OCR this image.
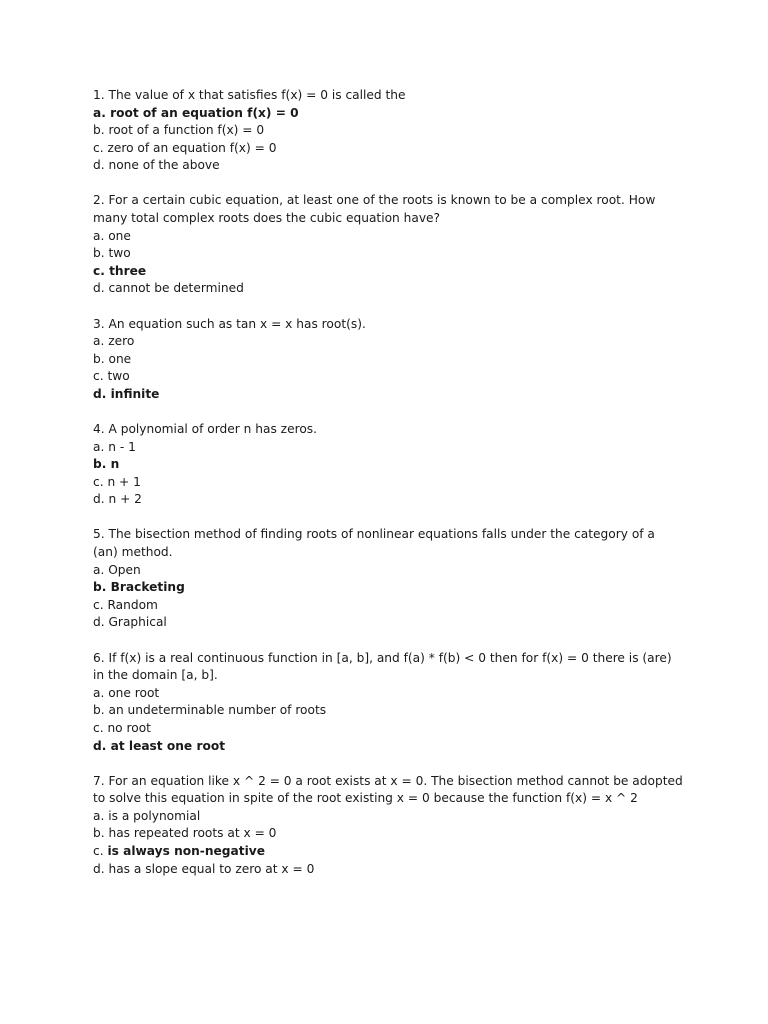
1. The value of x that satisfies f(x) = 0 is called the
a. root of an equation f(x) = 0
b. root of a function f(x) = 0
c. zero of an equation f(x) = 0
d. none of the above
2. For a certain cubic equation, at least one of the roots is known to be a complex root. How many total complex roots does the cubic equation have?
a. one
b. two
c. three
d. cannot be determined
3. An equation such as tan x = x has root(s).
a. zero
b. one
c. two
d. infinite
4. A polynomial of order n has zeros.
a. n - 1
b. n
c. n + 1
d. n + 2
5. The bisection method of finding roots of nonlinear equations falls under the category of a (an) method.
a. Open
b. Bracketing
c. Random
d. Graphical
6. If f(x) is a real continuous function in [a, b], and f(a) * f(b) < 0 then for f(x) = 0 there is (are) in the domain [a, b].
a. one root
b. an undeterminable number of roots
c. no root
d. at least one root
7. For an equation like x ^ 2 = 0 a root exists at x = 0. The bisection method cannot be adopted to solve this equation in spite of the root existing x = 0 because the function f(x) = x ^ 2
a. is a polynomial
b. has repeated roots at x = 0
c. is always non-negative
d. has a slope equal to zero at x = 0
